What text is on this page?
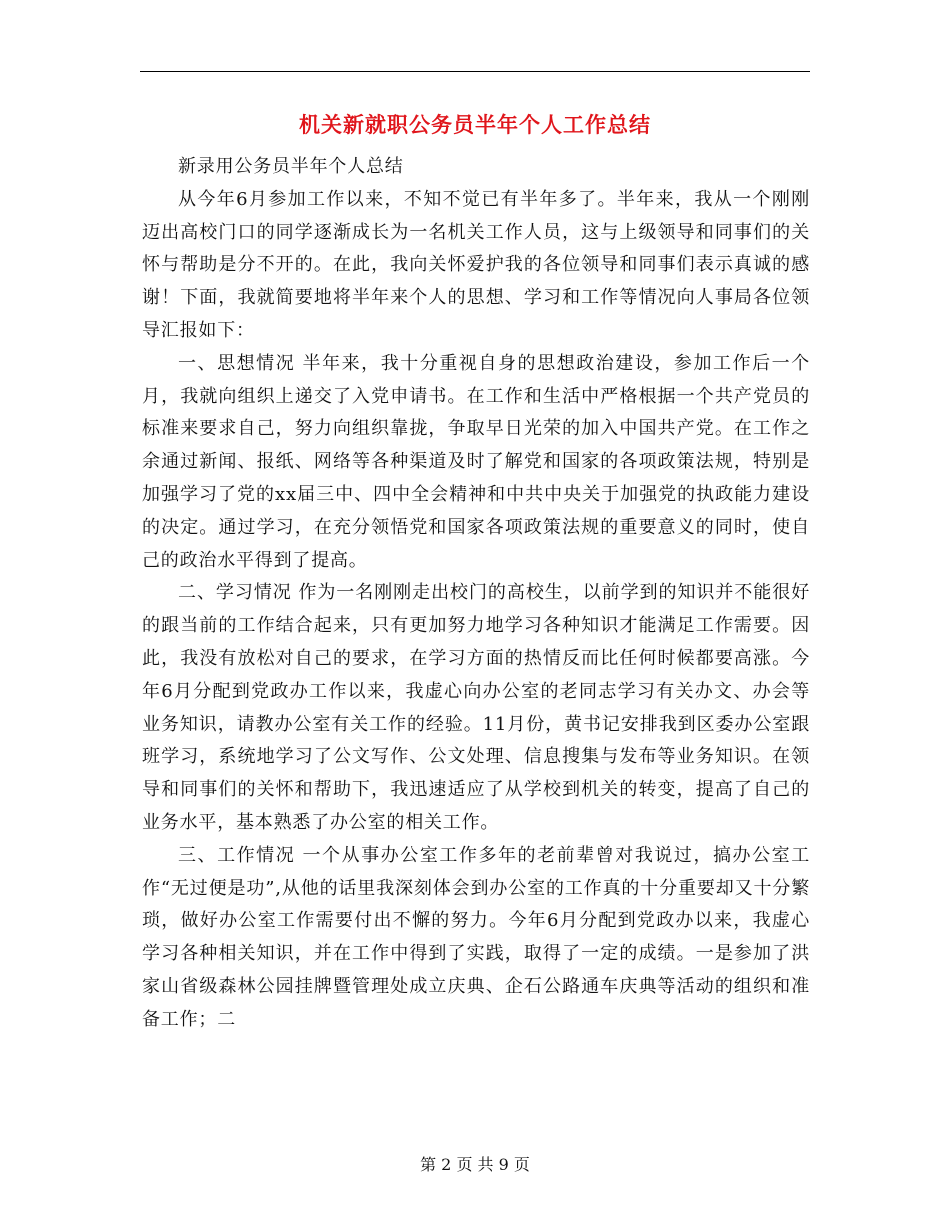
机关新就职公务员半年个人工作总结

新录用公务员半年个人总结

从今年6月参加工作以来，不知不觉已有半年多了。半年来，我从一个刚刚迈出高校门口的同学逐渐成长为一名机关工作人员，这与上级领导和同事们的关怀与帮助是分不开的。在此，我向关怀爱护我的各位领导和同事们表示真诚的感谢！下面，我就简要地将半年来个人的思想、学习和工作等情况向人事局各位领导汇报如下：

一、思想情况 半年来，我十分重视自身的思想政治建设，参加工作后一个月，我就向组织上递交了入党申请书。在工作和生活中严格根据一个共产党员的标准来要求自己，努力向组织靠拢，争取早日光荣的加入中国共产党。在工作之余通过新闻、报纸、网络等各种渠道及时了解党和国家的各项政策法规，特别是加强学习了党的xx届三中、四中全会精神和中共中央关于加强党的执政能力建设的决定。通过学习，在充分领悟党和国家各项政策法规的重要意义的同时，使自己的政治水平得到了提高。

二、学习情况 作为一名刚刚走出校门的高校生，以前学到的知识并不能很好的跟当前的工作结合起来，只有更加努力地学习各种知识才能满足工作需要。因此，我没有放松对自己的要求，在学习方面的热情反而比任何时候都要高涨。今年6月分配到党政办工作以来，我虚心向办公室的老同志学习有关办文、办会等业务知识，请教办公室有关工作的经验。11月份，黄书记安排我到区委办公室跟班学习，系统地学习了公文写作、公文处理、信息搜集与发布等业务知识。在领导和同事们的关怀和帮助下，我迅速适应了从学校到机关的转变，提高了自己的业务水平，基本熟悉了办公室的相关工作。

三、工作情况 一个从事办公室工作多年的老前辈曾对我说过，搞办公室工作“无过便是功”,从他的话里我深刻体会到办公室的工作真的十分重要却又十分繁琐，做好办公室工作需要付出不懈的努力。今年6月分配到党政办以来，我虚心学习各种相关知识，并在工作中得到了实践，取得了一定的成绩。一是参加了洪家山省级森林公园挂牌暨管理处成立庆典、企石公路通车庆典等活动的组织和准备工作；二

第 2 页 共 9 页
